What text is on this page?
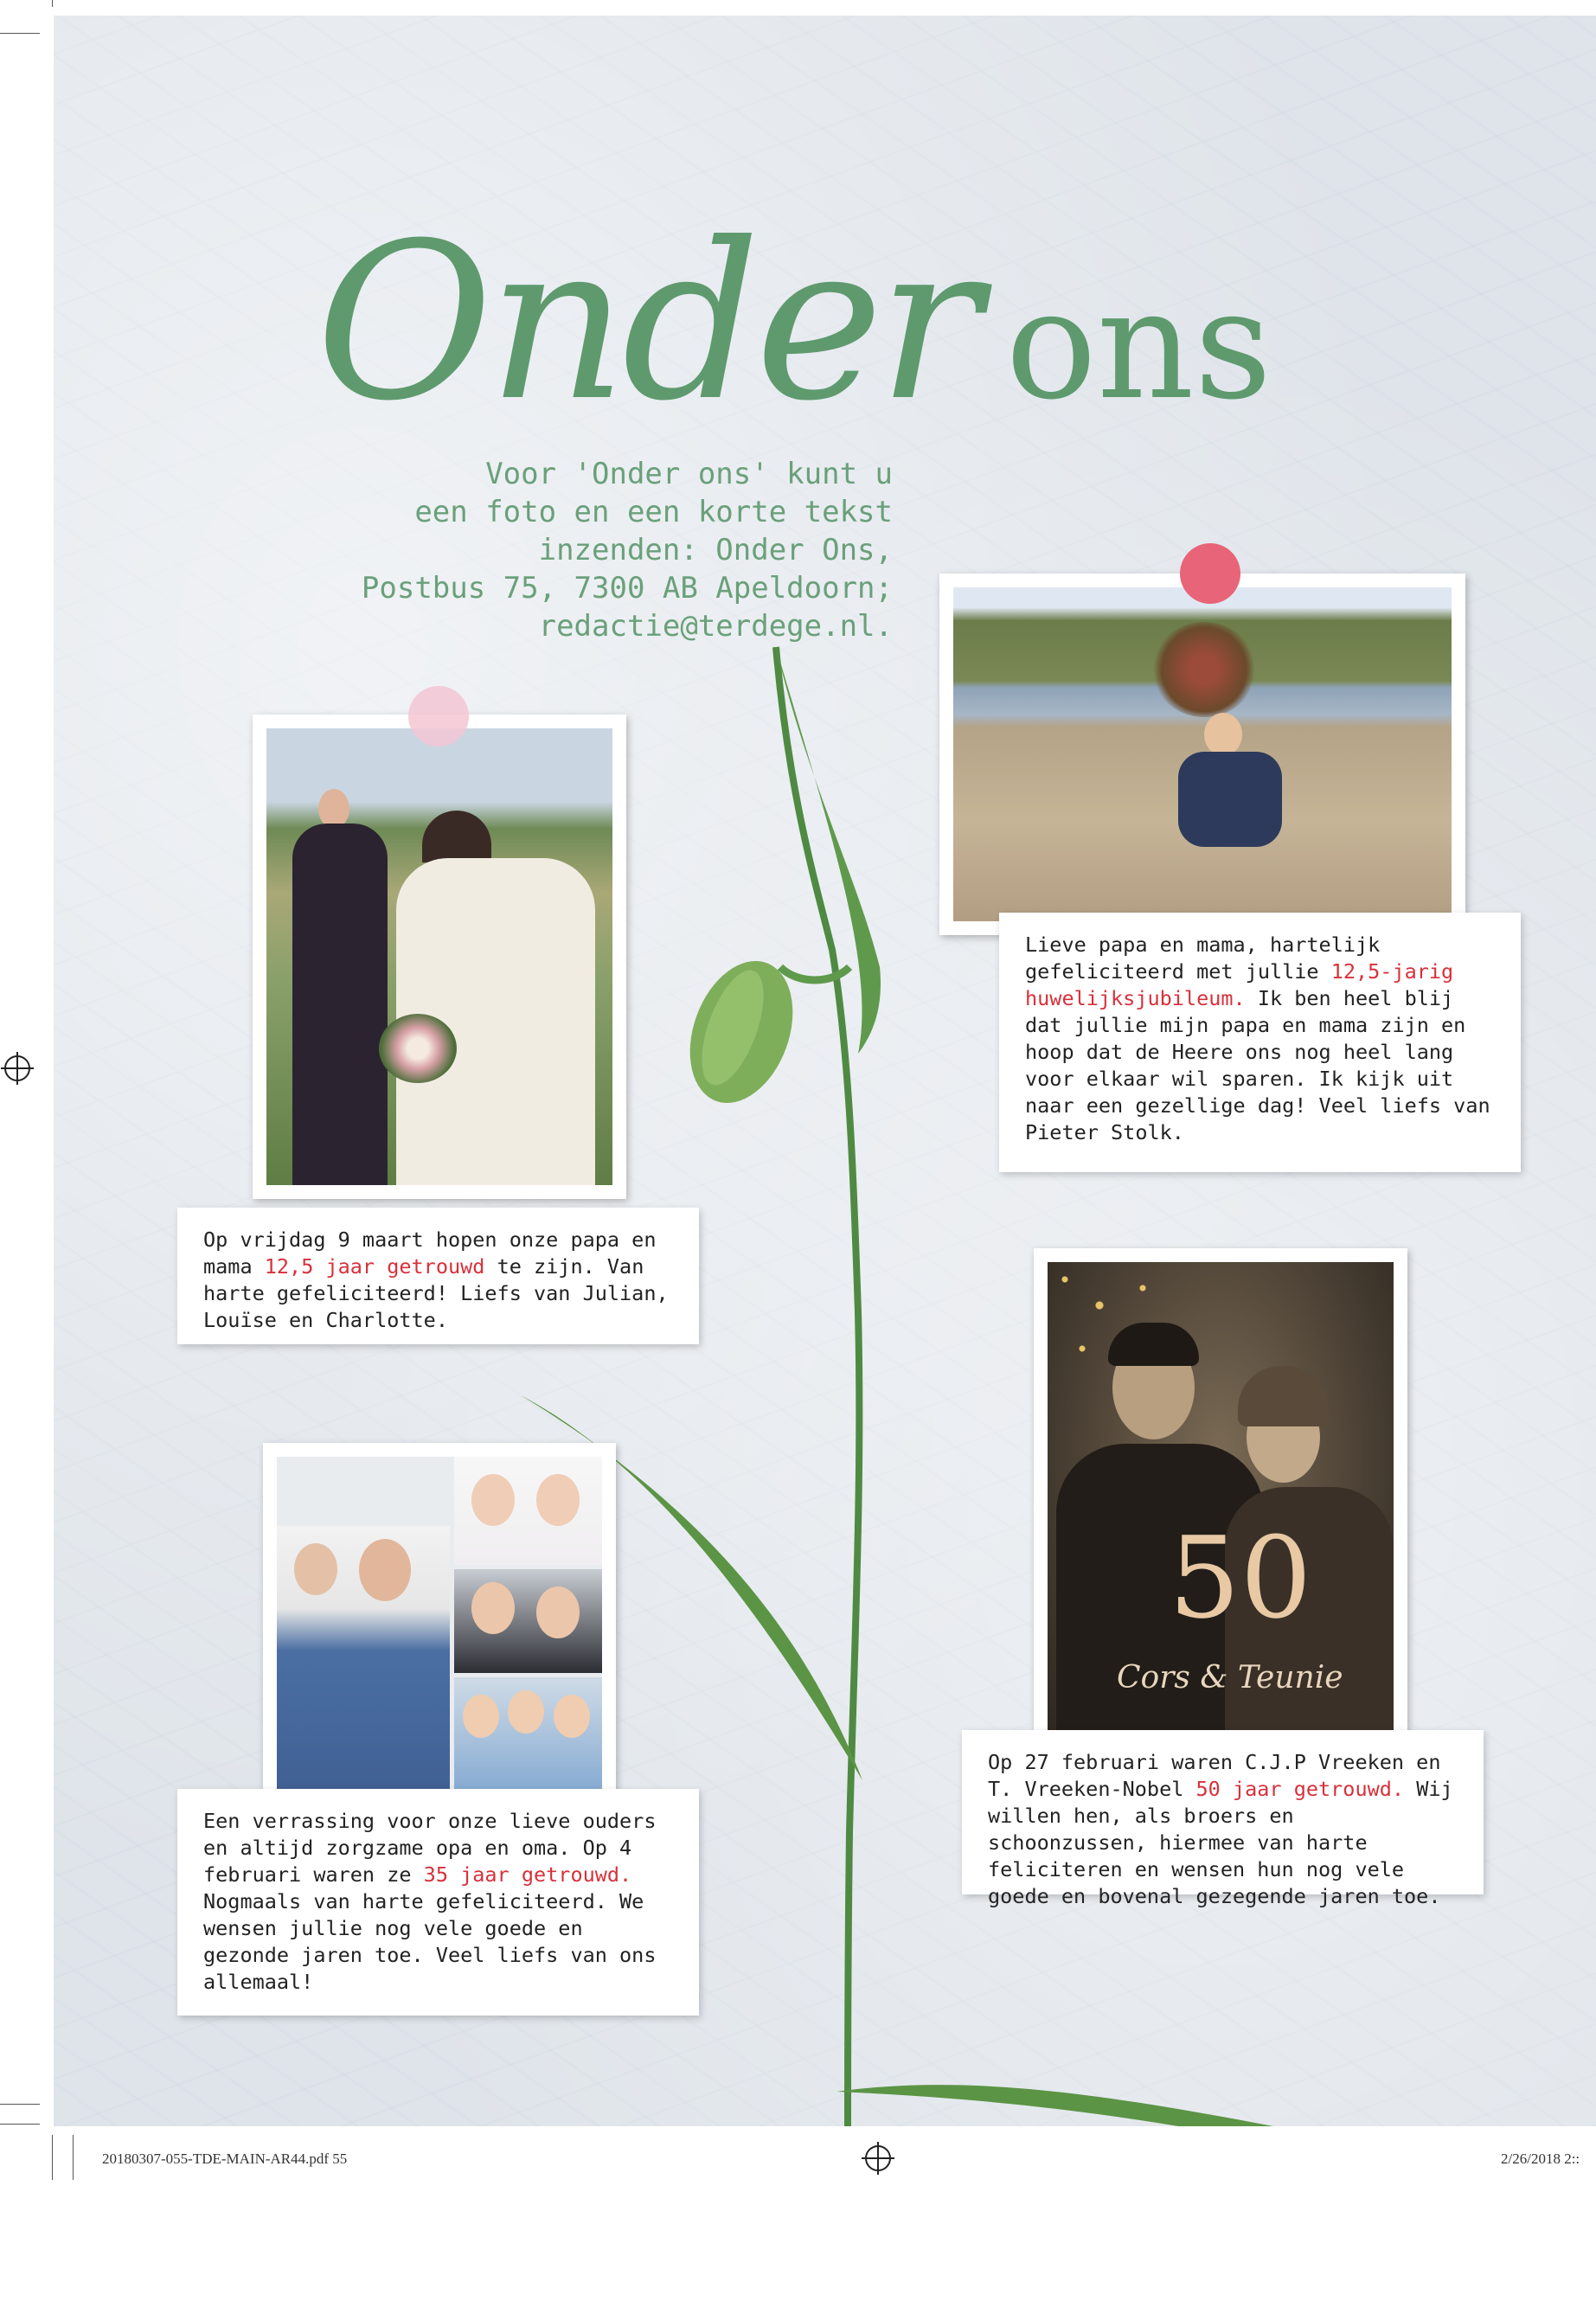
Onder ons
Voor 'Onder ons' kunt u
een foto en een korte tekst
inzenden: Onder Ons,
Postbus 75, 7300 AB Apeldoorn;
redactie@terdege.nl.

Op vrijdag 9 maart hopen onze papa en mama 12,5 jaar getrouwd te zijn. Van harte gefeliciteerd! Liefs van Julian, Louïse en Charlotte.

Lieve papa en mama, hartelijk gefeliciteerd met jullie 12,5-jarig huwelijksjubileum. Ik ben heel blij dat jullie mijn papa en mama zijn en hoop dat de Heere ons nog heel lang voor elkaar wil sparen. Ik kijk uit naar een gezellige dag! Veel liefs van Pieter Stolk.

Een verrassing voor onze lieve ouders en altijd zorgzame opa en oma. Op 4 februari waren ze 35 jaar getrouwd. Nogmaals van harte gefeliciteerd. We wensen jullie nog vele goede en gezonde jaren toe. Veel liefs van ons allemaal!

50
Cors & Teunie

Op 27 februari waren C.J.P Vreeken en T. Vreeken-Nobel 50 jaar getrouwd. Wij willen hen, als broers en schoonzussen, hiermee van harte feliciteren en wensen hun nog vele goede en bovenal gezegende jaren toe.

20180307-055-TDE-MAIN-AR44.pdf 55	2/26/2018 2::
